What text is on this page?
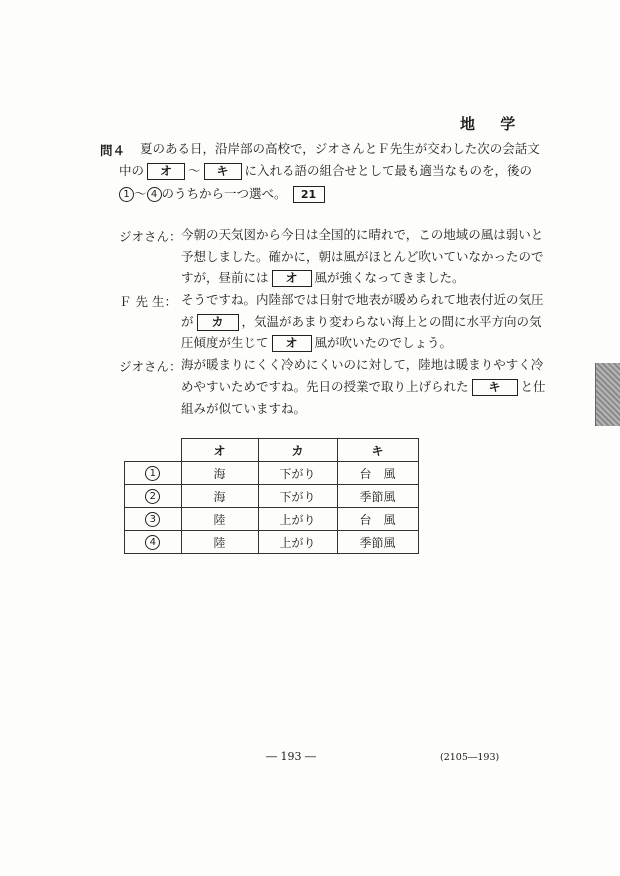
地 学
問４ 夏のある日，沿岸部の高校で，ジオさんとＦ先生が交わした次の会話文
中の オ ～ キ に入れる語の組合せとして最も適当なものを，後の
1 ～ 4 のうちから一つ選べ。 21
ジオさん： 今朝の天気図から今日は全国的に晴れで，この地域の風は弱いと
予想しました。確かに，朝は風がほとんど吹いていなかったので
すが，昼前には オ 風が強くなってきました。
Ｆ 先 生： そうですね。内陸部では日射で地表が暖められて地表付近の気圧
が カ ，気温があまり変わらない海上との間に水平方向の気
圧傾度が生じて オ 風が吹いたのでしょう。
ジオさん： 海が暖まりにくく冷めにくいのに対して，陸地は暖まりやすく冷
めやすいためですね。先日の授業で取り上げられた キ と仕
組みが似ていますね。
	オ	カ	キ
1	海	下がり	台　風
2	海	下がり	季節風
3	陸	上がり	台　風
4	陸	上がり	季節風
― 193 ―	(2105―193)
